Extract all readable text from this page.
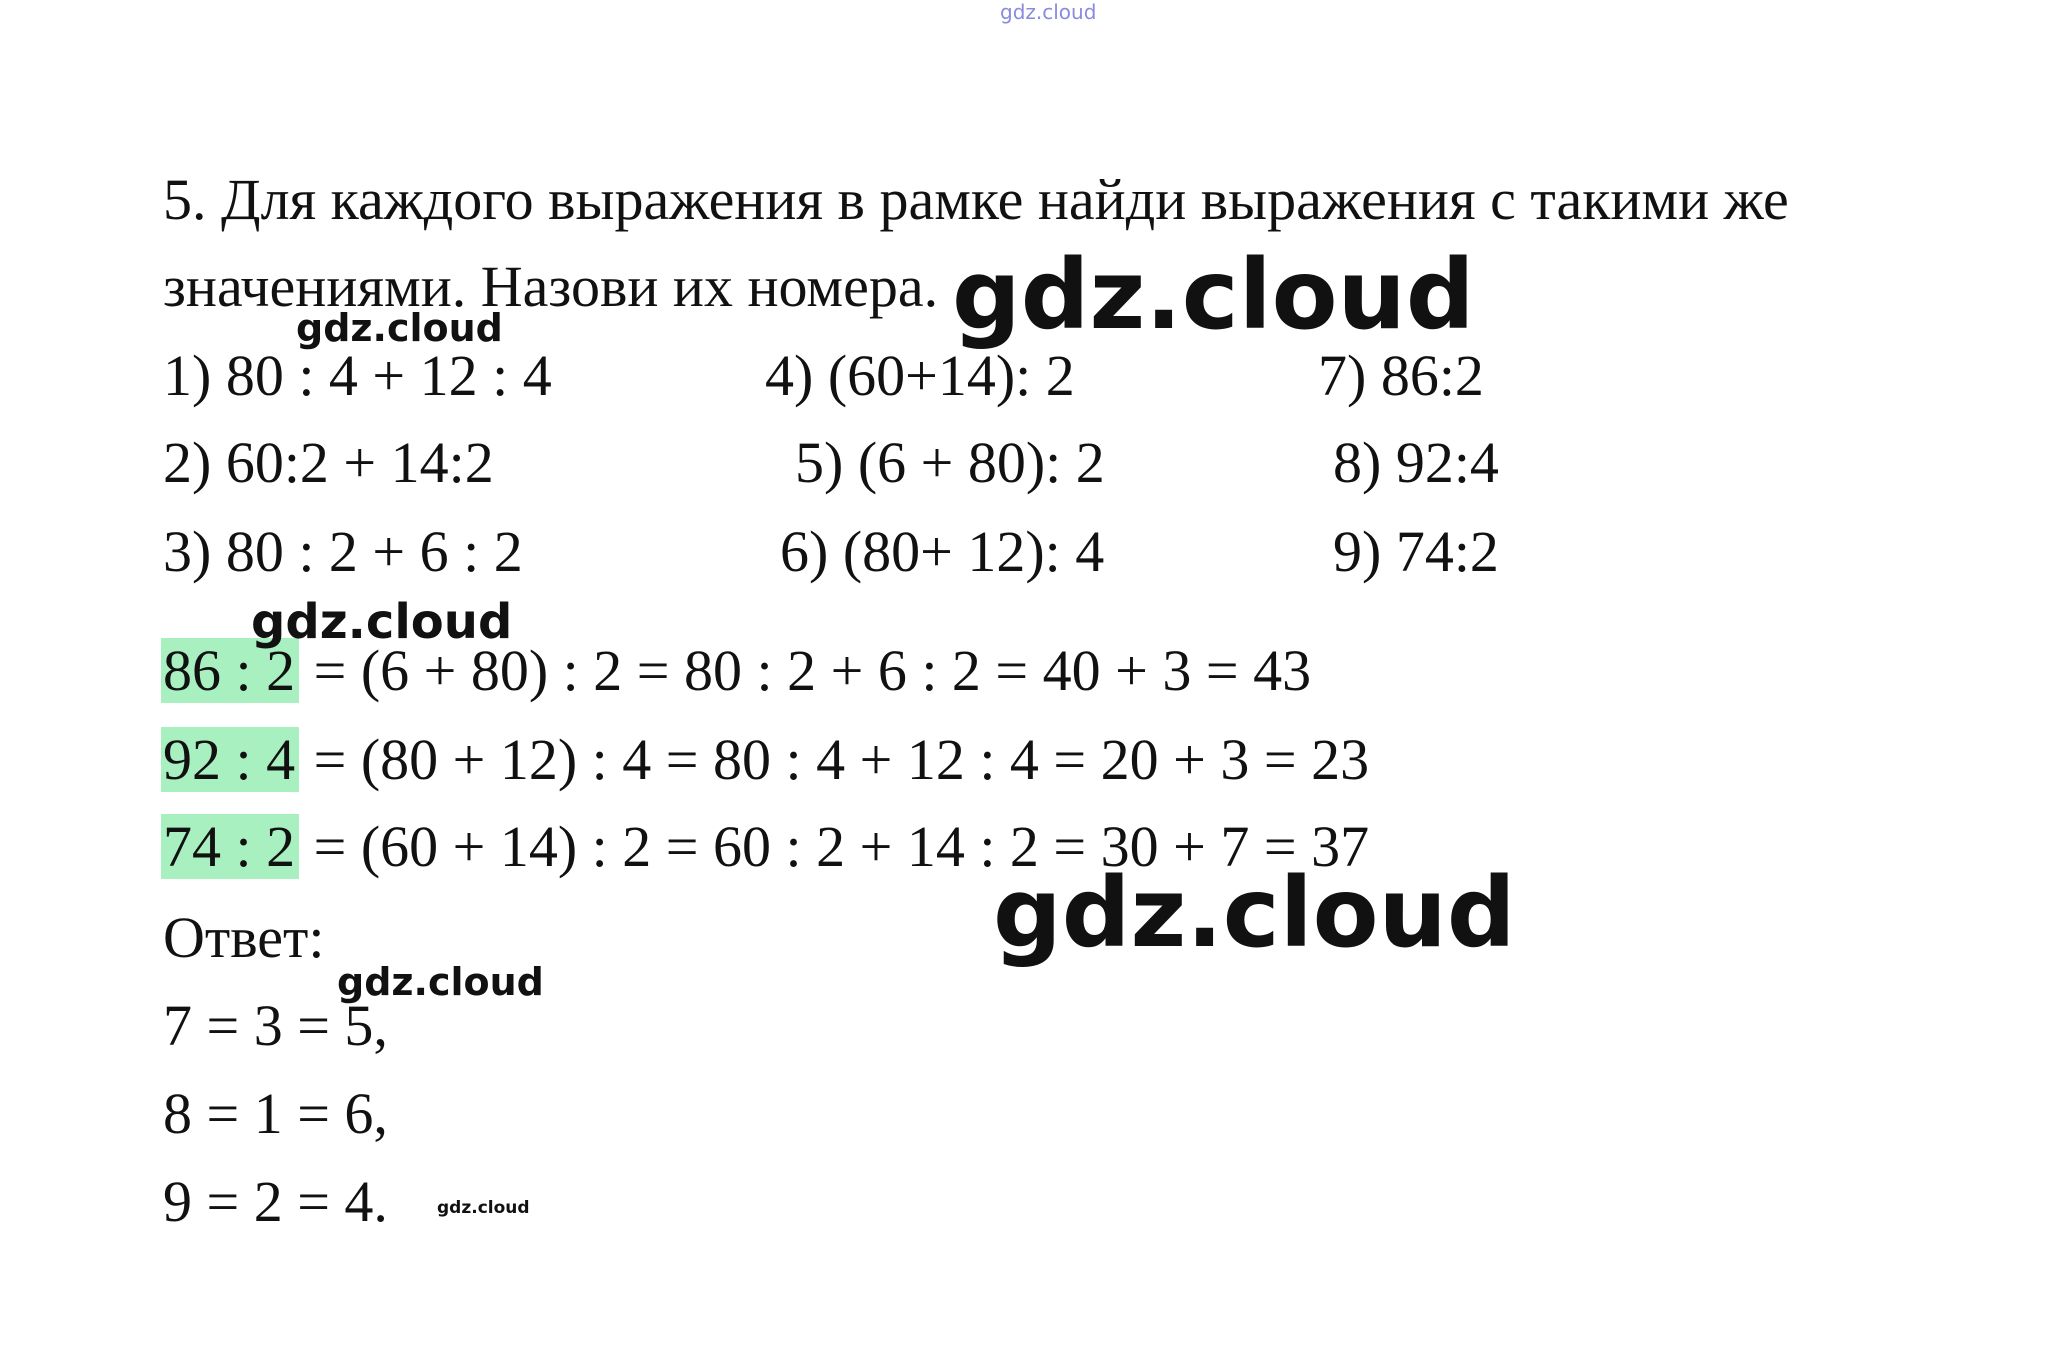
gdz.cloud
5. Для каждого выражения в рамке найди выражения с такими же
значениями. Назови их номера.
1) 80 : 4 + 12 : 4
2) 60:2 + 14:2
3) 80 : 2 + 6 : 2
4) (60+14): 2
5) (6 + 80): 2
6) (80+ 12): 4
7) 86:2
8) 92:4
9) 74:2
86 : 2 = (6 + 80) : 2 = 80 : 2 + 6 : 2 = 40 + 3 = 43
92 : 4 = (80 + 12) : 4 = 80 : 4 + 12 : 4 = 20 + 3 = 23
74 : 2 = (60 + 14) : 2 = 60 : 2 + 14 : 2 = 30 + 7 = 37
Ответ:
7 = 3 = 5,
8 = 1 = 6,
9 = 2 = 4.
gdz.cloud	gdz.cloud
gdz.cloud
gdz.cloud
gdz.cloud
gdz.cloud
